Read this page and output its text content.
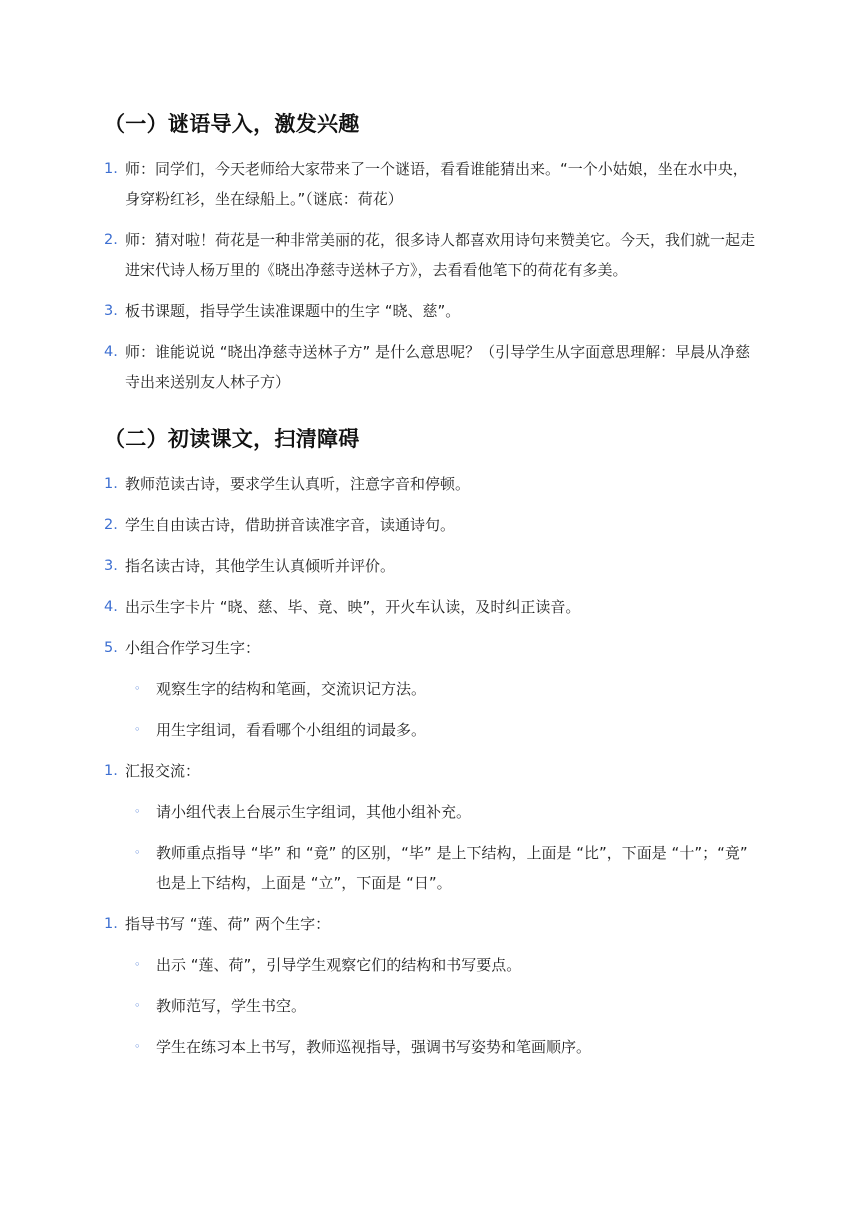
（一）谜语导入，激发兴趣
1. 师：同学们，今天老师给大家带来了一个谜语，看看谁能猜出来。“一个小姑娘，坐在水中央，身穿粉红衫，坐在绿船上。”（谜底：荷花）
2. 师：猜对啦！荷花是一种非常美丽的花，很多诗人都喜欢用诗句来赞美它。今天，我们就一起走进宋代诗人杨万里的《晓出净慈寺送林子方》，去看看他笔下的荷花有多美。
3. 板书课题，指导学生读准课题中的生字 “晓、慈”。
4. 师：谁能说说 “晓出净慈寺送林子方” 是什么意思呢？（引导学生从字面意思理解：早晨从净慈寺出来送别友人林子方）
（二）初读课文，扫清障碍
1. 教师范读古诗，要求学生认真听，注意字音和停顿。
2. 学生自由读古诗，借助拼音读准字音，读通诗句。
3. 指名读古诗，其他学生认真倾听并评价。
4. 出示生字卡片 “晓、慈、毕、竟、映”，开火车认读，及时纠正读音。
5. 小组合作学习生字：
◦ 观察生字的结构和笔画，交流识记方法。
◦ 用生字组词，看看哪个小组组的词最多。
1. 汇报交流：
◦ 请小组代表上台展示生字组词，其他小组补充。
◦ 教师重点指导 “毕” 和 “竟” 的区别，“毕” 是上下结构，上面是 “比”，下面是 “十”；“竟” 也是上下结构，上面是 “立”，下面是 “日”。
1. 指导书写 “莲、荷” 两个生字：
◦ 出示 “莲、荷”，引导学生观察它们的结构和书写要点。
◦ 教师范写，学生书空。
◦ 学生在练习本上书写，教师巡视指导，强调书写姿势和笔画顺序。
